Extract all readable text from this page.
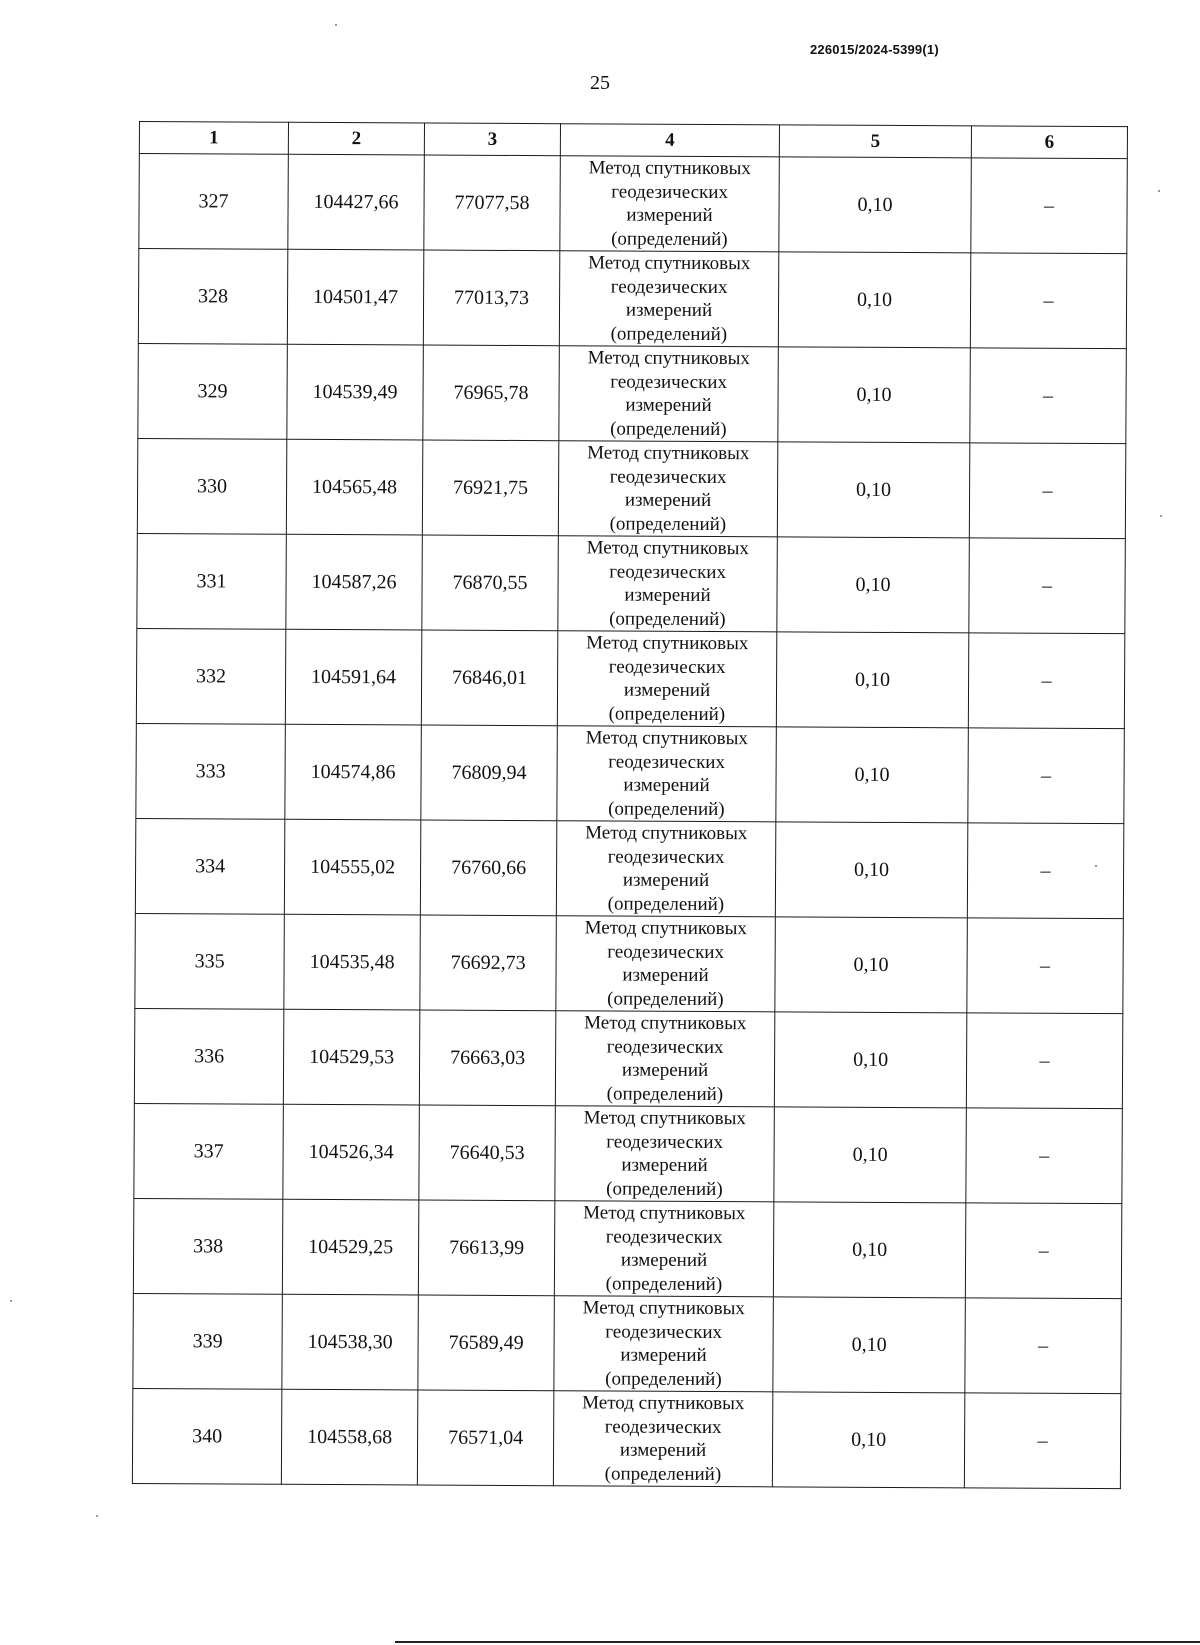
226015/2024-5399(1)
25
1	2	3	4	5	6
327	104427,66	77077,58	Метод спутниковых
геодезических
измерений
(определений)	0,10	–
328	104501,47	77013,73	Метод спутниковых
геодезических
измерений
(определений)	0,10	–
329	104539,49	76965,78	Метод спутниковых
геодезических
измерений
(определений)	0,10	–
330	104565,48	76921,75	Метод спутниковых
геодезических
измерений
(определений)	0,10	–
331	104587,26	76870,55	Метод спутниковых
геодезических
измерений
(определений)	0,10	–
332	104591,64	76846,01	Метод спутниковых
геодезических
измерений
(определений)	0,10	–
333	104574,86	76809,94	Метод спутниковых
геодезических
измерений
(определений)	0,10	–
334	104555,02	76760,66	Метод спутниковых
геодезических
измерений
(определений)	0,10	–
335	104535,48	76692,73	Метод спутниковых
геодезических
измерений
(определений)	0,10	–
336	104529,53	76663,03	Метод спутниковых
геодезических
измерений
(определений)	0,10	–
337	104526,34	76640,53	Метод спутниковых
геодезических
измерений
(определений)	0,10	–
338	104529,25	76613,99	Метод спутниковых
геодезических
измерений
(определений)	0,10	–
339	104538,30	76589,49	Метод спутниковых
геодезических
измерений
(определений)	0,10	–
340	104558,68	76571,04	Метод спутниковых
геодезических
измерений
(определений)	0,10	–
